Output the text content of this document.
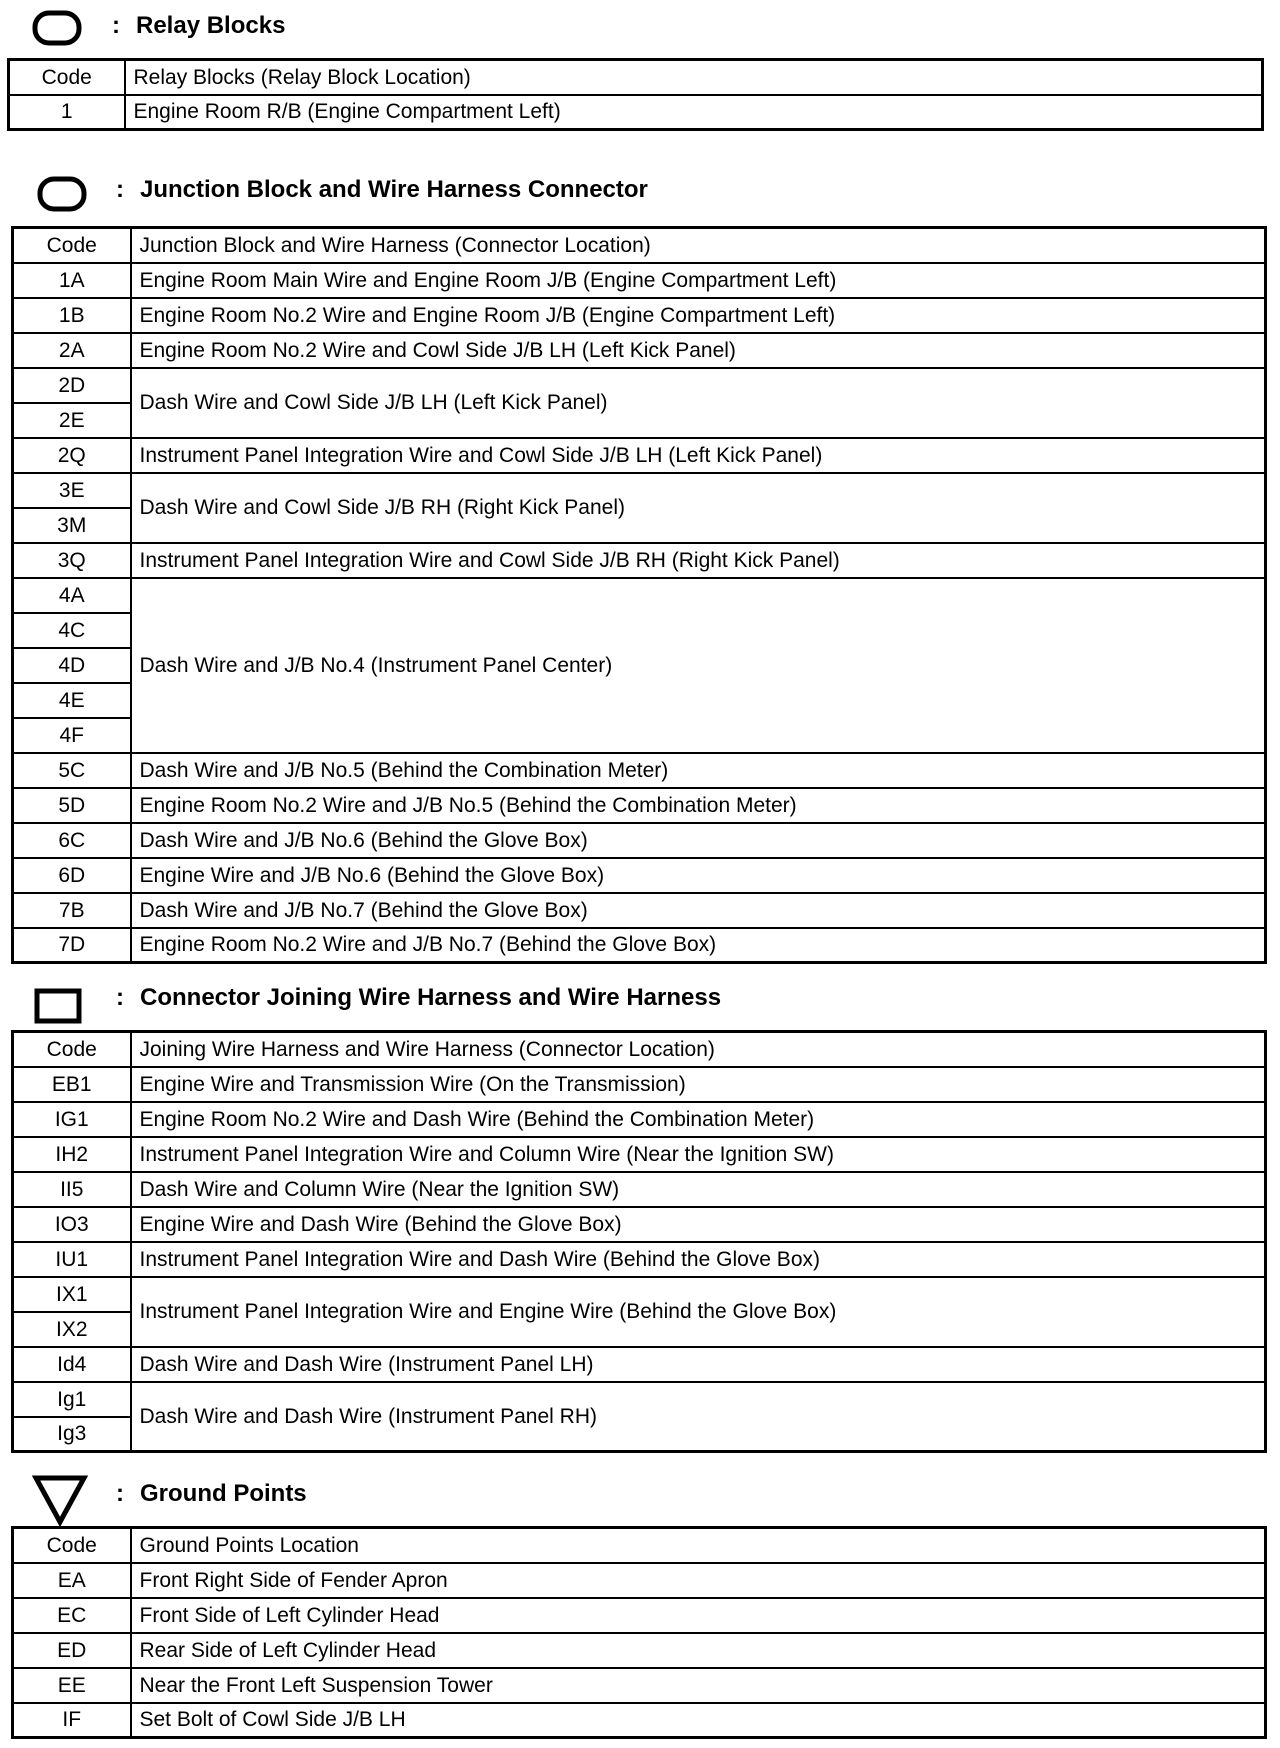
: Relay Blocks
Code	Relay Blocks (Relay Block Location)
1	Engine Room R/B (Engine Compartment Left)
: Junction Block and Wire Harness Connector
Code	Junction Block and Wire Harness (Connector Location)
1A	Engine Room Main Wire and Engine Room J/B (Engine Compartment Left)
1B	Engine Room No.2 Wire and Engine Room J/B (Engine Compartment Left)
2A	Engine Room No.2 Wire and Cowl Side J/B LH (Left Kick Panel)
2D	Dash Wire and Cowl Side J/B LH (Left Kick Panel)
2E	
2Q	Instrument Panel Integration Wire and Cowl Side J/B LH (Left Kick Panel)
3E	Dash Wire and Cowl Side J/B RH (Right Kick Panel)
3M	
3Q	Instrument Panel Integration Wire and Cowl Side J/B RH (Right Kick Panel)
4A	Dash Wire and J/B No.4 (Instrument Panel Center)
4C	
4D	
4E	
4F	
5C	Dash Wire and J/B No.5 (Behind the Combination Meter)
5D	Engine Room No.2 Wire and J/B No.5 (Behind the Combination Meter)
6C	Dash Wire and J/B No.6 (Behind the Glove Box)
6D	Engine Wire and J/B No.6 (Behind the Glove Box)
7B	Dash Wire and J/B No.7 (Behind the Glove Box)
7D	Engine Room No.2 Wire and J/B No.7 (Behind the Glove Box)
: Connector Joining Wire Harness and Wire Harness
Code	Joining Wire Harness and Wire Harness (Connector Location)
EB1	Engine Wire and Transmission Wire (On the Transmission)
IG1	Engine Room No.2 Wire and Dash Wire (Behind the Combination Meter)
IH2	Instrument Panel Integration Wire and Column Wire (Near the Ignition SW)
II5	Dash Wire and Column Wire (Near the Ignition SW)
IO3	Engine Wire and Dash Wire (Behind the Glove Box)
IU1	Instrument Panel Integration Wire and Dash Wire (Behind the Glove Box)
IX1	Instrument Panel Integration Wire and Engine Wire (Behind the Glove Box)
IX2	
Id4	Dash Wire and Dash Wire (Instrument Panel LH)
Ig1	Dash Wire and Dash Wire (Instrument Panel RH)
Ig3	
: Ground Points
Code	Ground Points Location
EA	Front Right Side of Fender Apron
EC	Front Side of Left Cylinder Head
ED	Rear Side of Left Cylinder Head
EE	Near the Front Left Suspension Tower
IF	Set Bolt of Cowl Side J/B LH
